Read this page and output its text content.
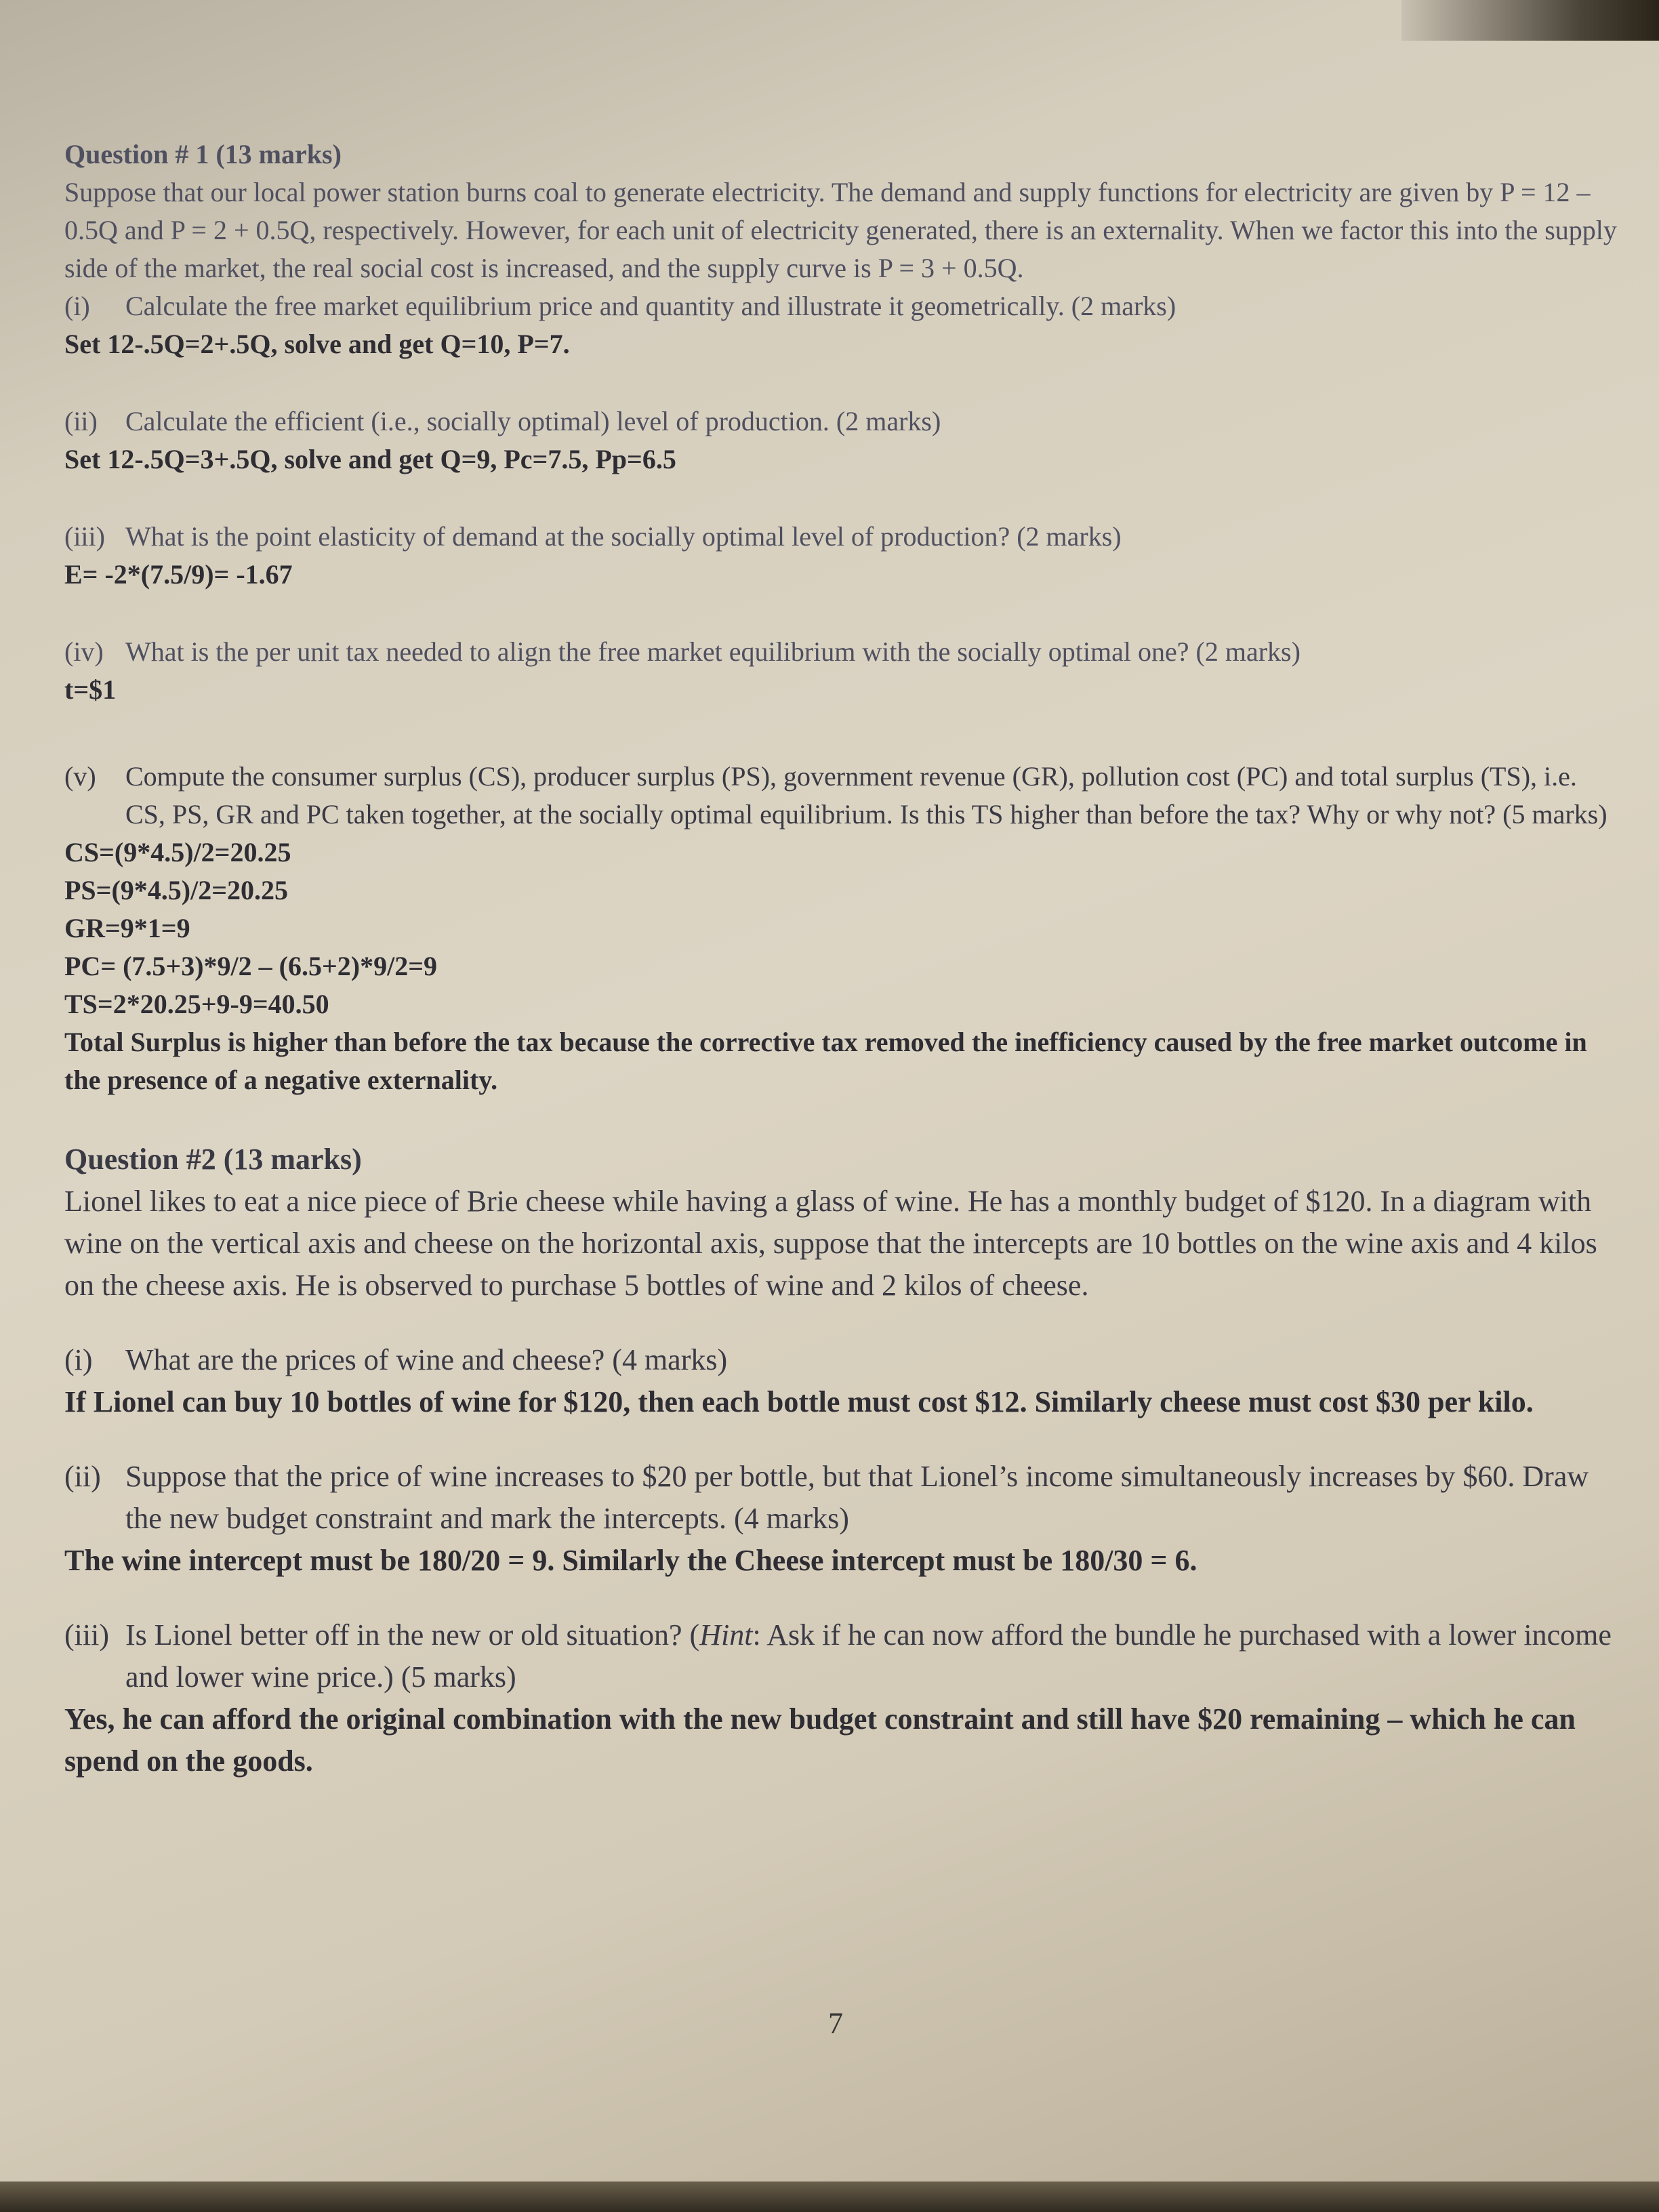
Question # 1 (13 marks)

Suppose that our local power station burns coal to generate electricity. The demand and supply functions for electricity are given by P = 12 – 0.5Q and P = 2 + 0.5Q, respectively. However, for each unit of electricity generated, there is an externality. When we factor this into the supply side of the market, the real social cost is increased, and the supply curve is P = 3 + 0.5Q.

(i)	Calculate the free market equilibrium price and quantity and illustrate it geometrically. (2 marks)

Set 12-.5Q=2+.5Q, solve and get Q=10, P=7.

(ii)	Calculate the efficient (i.e., socially optimal) level of production. (2 marks)

Set 12-.5Q=3+.5Q, solve and get Q=9, Pc=7.5, Pp=6.5

(iii) What is the point elasticity of demand at the socially optimal level of production? (2 marks)

E= -2*(7.5/9)= -1.67

(iv) What is the per unit tax needed to align the free market equilibrium with the socially optimal one? (2 marks)

t=$1

(v)	Compute the consumer surplus (CS), producer surplus (PS), government revenue (GR), pollution cost (PC) and total surplus (TS), i.e. CS, PS, GR and PC taken together, at the socially optimal equilibrium. Is this TS higher than before the tax? Why or why not? (5 marks)

CS=(9*4.5)/2=20.25

PS=(9*4.5)/2=20.25

GR=9*1=9

PC= (7.5+3)*9/2 – (6.5+2)*9/2=9

TS=2*20.25+9-9=40.50

Total Surplus is higher than before the tax because the corrective tax removed the inefficiency caused by the free market outcome in the presence of a negative externality.

Question #2 (13 marks)

Lionel likes to eat a nice piece of Brie cheese while having a glass of wine. He has a monthly budget of $120. In a diagram with wine on the vertical axis and cheese on the horizontal axis, suppose that the intercepts are 10 bottles on the wine axis and 4 kilos on the cheese axis. He is observed to purchase 5 bottles of wine and 2 kilos of cheese.

(i)	What are the prices of wine and cheese? (4 marks)

If Lionel can buy 10 bottles of wine for $120, then each bottle must cost $12. Similarly cheese must cost $30 per kilo.

(ii) Suppose that the price of wine increases to $20 per bottle, but that Lionel’s income simultaneously increases by $60. Draw the new budget constraint and mark the intercepts. (4 marks)

The wine intercept must be 180/20 = 9. Similarly the Cheese intercept must be 180/30 = 6.

(iii) Is Lionel better off in the new or old situation? (Hint: Ask if he can now afford the bundle he purchased with a lower income and lower wine price.) (5 marks)

Yes, he can afford the original combination with the new budget constraint and still have $20 remaining – which he can spend on the goods.

7
